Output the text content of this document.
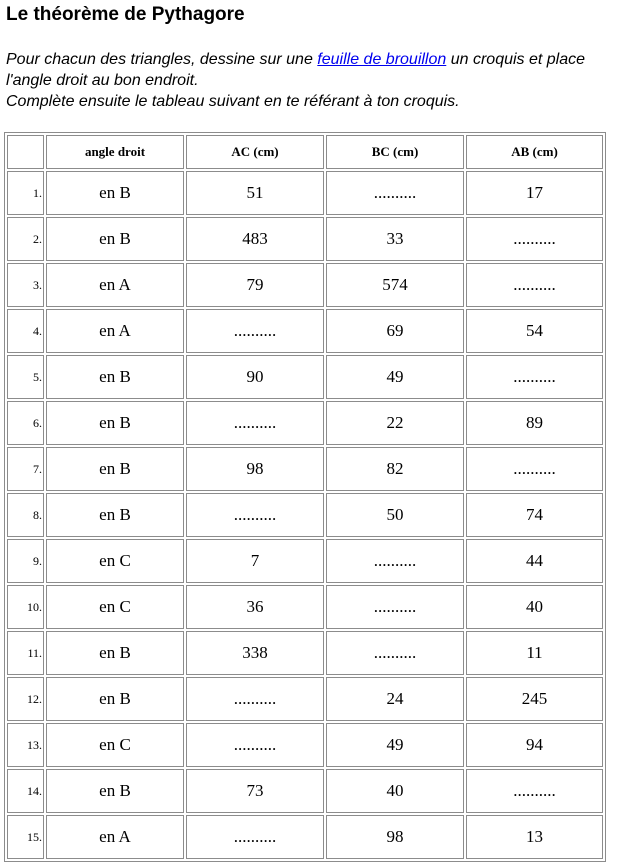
Le théorème de Pythagore
Pour chacun des triangles, dessine sur une feuille de brouillon un croquis et place l'angle droit au bon endroit.
Complète ensuite le tableau suivant en te référant à ton croquis.
	angle droit	AC (cm)	BC (cm)	AB (cm)
1.	en B	51	..........	17
2.	en B	483	33	..........
3.	en A	79	574	..........
4.	en A	..........	69	54
5.	en B	90	49	..........
6.	en B	..........	22	89
7.	en B	98	82	..........
8.	en B	..........	50	74
9.	en C	7	..........	44
10.	en C	36	..........	40
11.	en B	338	..........	11
12.	en B	..........	24	245
13.	en C	..........	49	94
14.	en B	73	40	..........
15.	en A	..........	98	13
